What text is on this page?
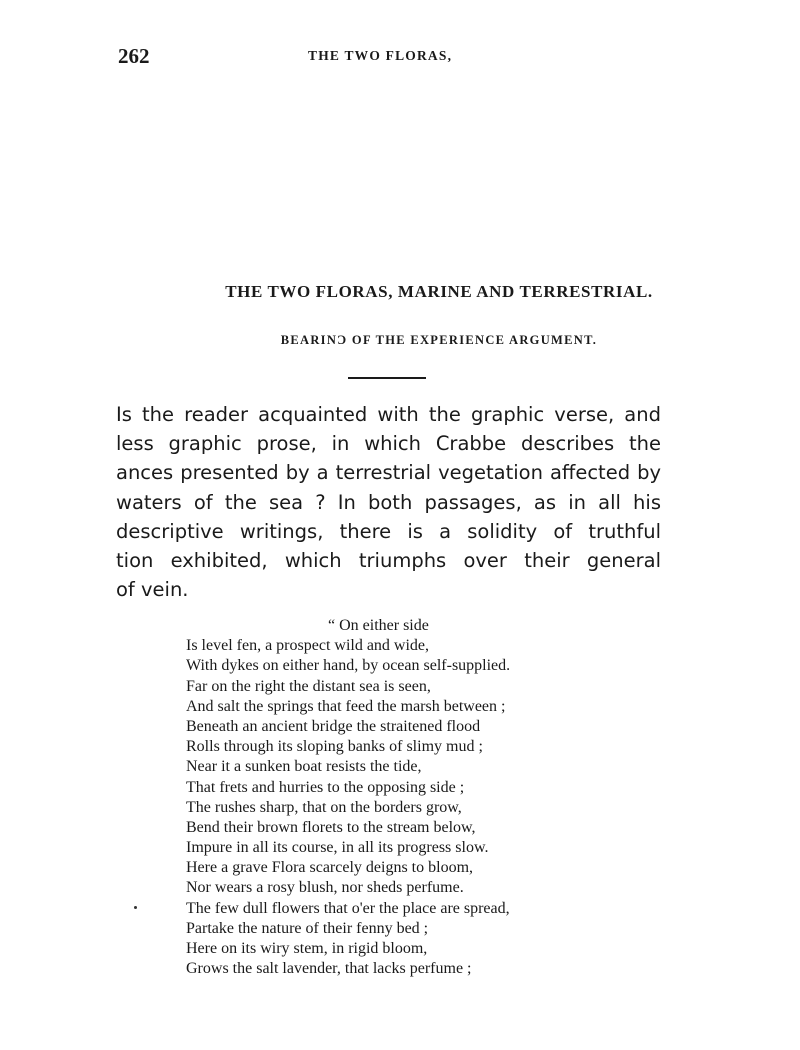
262	THE TWO FLORAS,
THE TWO FLORAS, MARINE AND TERRESTRIAL.
BEARINƆ OF THE EXPERIENCE ARGUMENT.
Is the reader acquainted with the graphic verse, and
less graphic prose, in which Crabbe describes the
ances presented by a terrestrial vegetation affected by
waters of the sea ? In both passages, as in all his
descriptive writings, there is a solidity of truthful
tion exhibited, which triumphs over their general
of vein.
“ On either side
Is level fen, a prospect wild and wide,
With dykes on either hand, by ocean self-supplied.
Far on the right the distant sea is seen,
And salt the springs that feed the marsh between ;
Beneath an ancient bridge the straitened flood
Rolls through its sloping banks of slimy mud ;
Near it a sunken boat resists the tide,
That frets and hurries to the opposing side ;
The rushes sharp, that on the borders grow,
Bend their brown florets to the stream below,
Impure in all its course, in all its progress slow.
Here a grave Flora scarcely deigns to bloom,
Nor wears a rosy blush, nor sheds perfume.
The few dull flowers that o'er the place are spread,
Partake the nature of their fenny bed ;
Here on its wiry stem, in rigid bloom,
Grows the salt lavender, that lacks perfume ;
